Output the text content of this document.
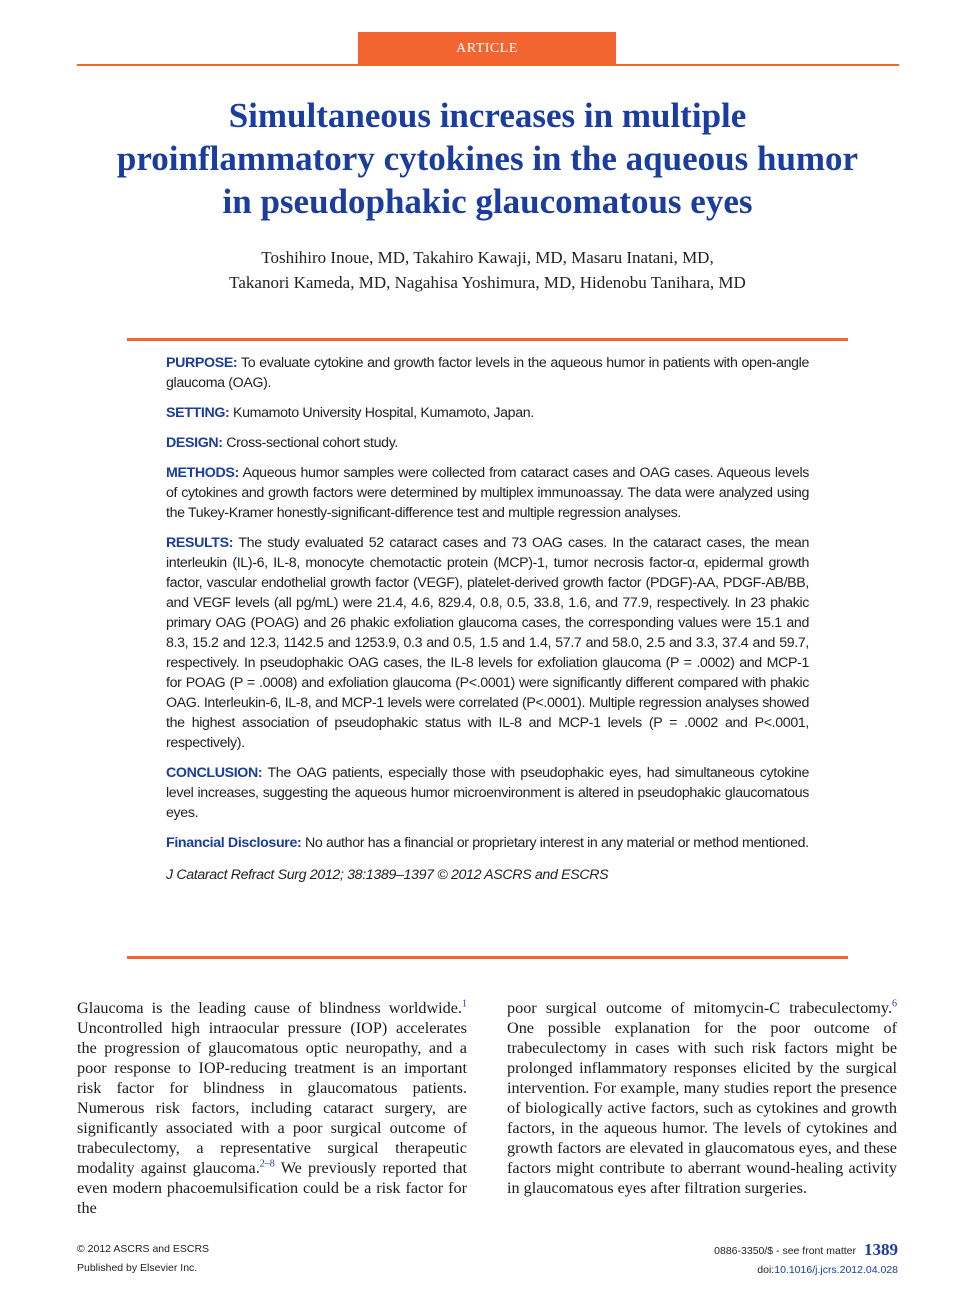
ARTICLE
Simultaneous increases in multiple proinflammatory cytokines in the aqueous humor in pseudophakic glaucomatous eyes
Toshihiro Inoue, MD, Takahiro Kawaji, MD, Masaru Inatani, MD,
Takanori Kameda, MD, Nagahisa Yoshimura, MD, Hidenobu Tanihara, MD

PURPOSE: To evaluate cytokine and growth factor levels in the aqueous humor in patients with open-angle glaucoma (OAG).

SETTING: Kumamoto University Hospital, Kumamoto, Japan.

DESIGN: Cross-sectional cohort study.

METHODS: Aqueous humor samples were collected from cataract cases and OAG cases. Aqueous levels of cytokines and growth factors were determined by multiplex immunoassay. The data were analyzed using the Tukey-Kramer honestly-significant-difference test and multiple regression analyses.

RESULTS: The study evaluated 52 cataract cases and 73 OAG cases. In the cataract cases, the mean interleukin (IL)-6, IL-8, monocyte chemotactic protein (MCP)-1, tumor necrosis factor-α, epidermal growth factor, vascular endothelial growth factor (VEGF), platelet-derived growth factor (PDGF)-AA, PDGF-AB/BB, and VEGF levels (all pg/mL) were 21.4, 4.6, 829.4, 0.8, 0.5, 33.8, 1.6, and 77.9, respectively. In 23 phakic primary OAG (POAG) and 26 phakic exfoliation glaucoma cases, the corresponding values were 15.1 and 8.3, 15.2 and 12.3, 1142.5 and 1253.9, 0.3 and 0.5, 1.5 and 1.4, 57.7 and 58.0, 2.5 and 3.3, 37.4 and 59.7, respectively. In pseudophakic OAG cases, the IL-8 levels for exfoliation glaucoma (P = .0002) and MCP-1 for POAG (P = .0008) and exfoliation glaucoma (P<.0001) were significantly different compared with phakic OAG. Interleukin-6, IL-8, and MCP-1 levels were correlated (P<.0001). Multiple regression analyses showed the highest association of pseudophakic status with IL-8 and MCP-1 levels (P = .0002 and P<.0001, respectively).

CONCLUSION: The OAG patients, especially those with pseudophakic eyes, had simultaneous cytokine level increases, suggesting the aqueous humor microenvironment is altered in pseudophakic glaucomatous eyes.

Financial Disclosure: No author has a financial or proprietary interest in any material or method mentioned.

J Cataract Refract Surg 2012; 38:1389–1397 © 2012 ASCRS and ESCRS

Glaucoma is the leading cause of blindness worldwide.$^1$ Uncontrolled high intraocular pressure (IOP) accelerates the progression of glaucomatous optic neuropathy, and a poor response to IOP-reducing treatment is an important risk factor for blindness in glaucomatous patients. Numerous risk factors, including cataract surgery, are significantly associated with a poor surgical outcome of trabeculectomy, a representative surgical therapeutic modality against glaucoma.$^{2-8}$ We previously reported that even modern phacoemulsification could be a risk factor for the

poor surgical outcome of mitomycin-C trabeculectomy.$^6$ One possible explanation for the poor outcome of trabeculectomy in cases with such risk factors might be prolonged inflammatory responses elicited by the surgical intervention. For example, many studies report the presence of biologically active factors, such as cytokines and growth factors, in the aqueous humor. The levels of cytokines and growth factors are elevated in glaucomatous eyes, and these factors might contribute to aberrant wound-healing activity in glaucomatous eyes after filtration surgeries.

© 2012 ASCRS and ESCRS
Published by Elsevier Inc.
0886-3350/$ - see front matter 1389
doi:10.1016/j.jcrs.2012.04.028
